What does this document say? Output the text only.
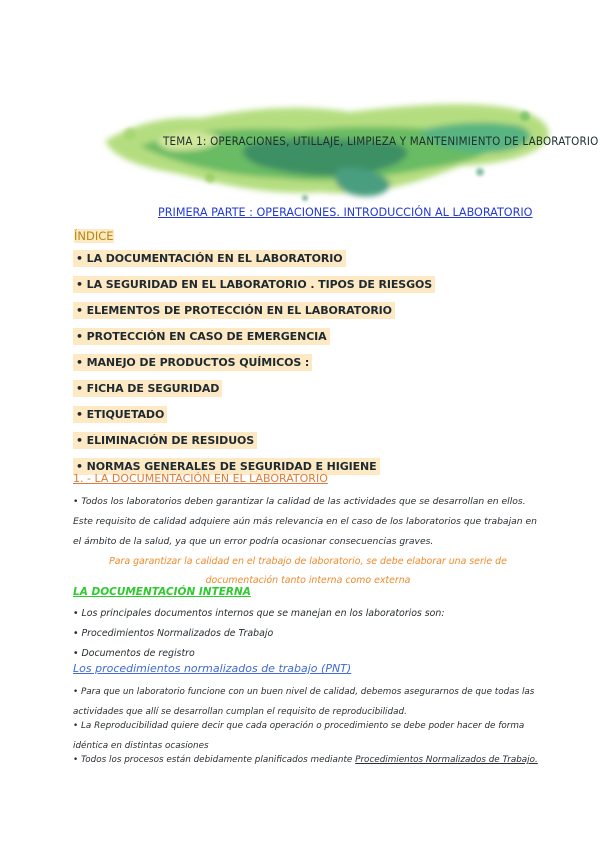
TEMA 1: OPERACIONES, UTILLAJE, LIMPIEZA Y MANTENIMIENTO DE LABORATORIO
PRIMERA PARTE : OPERACIONES. INTRODUCCIÓN AL LABORATORIO
ÍNDICE
• LA DOCUMENTACIÓN EN EL LABORATORIO
• LA SEGURIDAD EN EL LABORATORIO . TIPOS DE RIESGOS
• ELEMENTOS DE PROTECCIÓN EN EL LABORATORIO
• PROTECCIÓN EN CASO DE EMERGENCIA
• MANEJO DE PRODUCTOS QUÍMICOS :
• FICHA DE SEGURIDAD
• ETIQUETADO
• ELIMINACIÓN DE RESIDUOS
• NORMAS GENERALES DE SEGURIDAD E HIGIENE
1. - LA DOCUMENTACIÓN EN EL LABORATORIO
• Todos los laboratorios deben garantizar la calidad de las actividades que se desarrollan en ellos. Este requisito de calidad adquiere aún más relevancia en el caso de los laboratorios que trabajan en el ámbito de la salud, ya que un error podría ocasionar consecuencias graves.
Para garantizar la calidad en el trabajo de laboratorio, se debe elaborar una serie de documentación tanto interna como externa
LA DOCUMENTACIÓN INTERNA
• Los principales documentos internos que se manejan en los laboratorios son:
• Procedimientos Normalizados de Trabajo
• Documentos de registro
Los procedimientos normalizados de trabajo (PNT)
• Para que un laboratorio funcione con un buen nivel de calidad, debemos asegurarnos de que todas las actividades que allí se desarrollan cumplan el requisito de reproducibilidad.
• La Reproducibilidad quiere decir que cada operación o procedimiento se debe poder hacer de forma idéntica en distintas ocasiones
• Todos los procesos están debidamente planificados mediante Procedimientos Normalizados de Trabajo.
